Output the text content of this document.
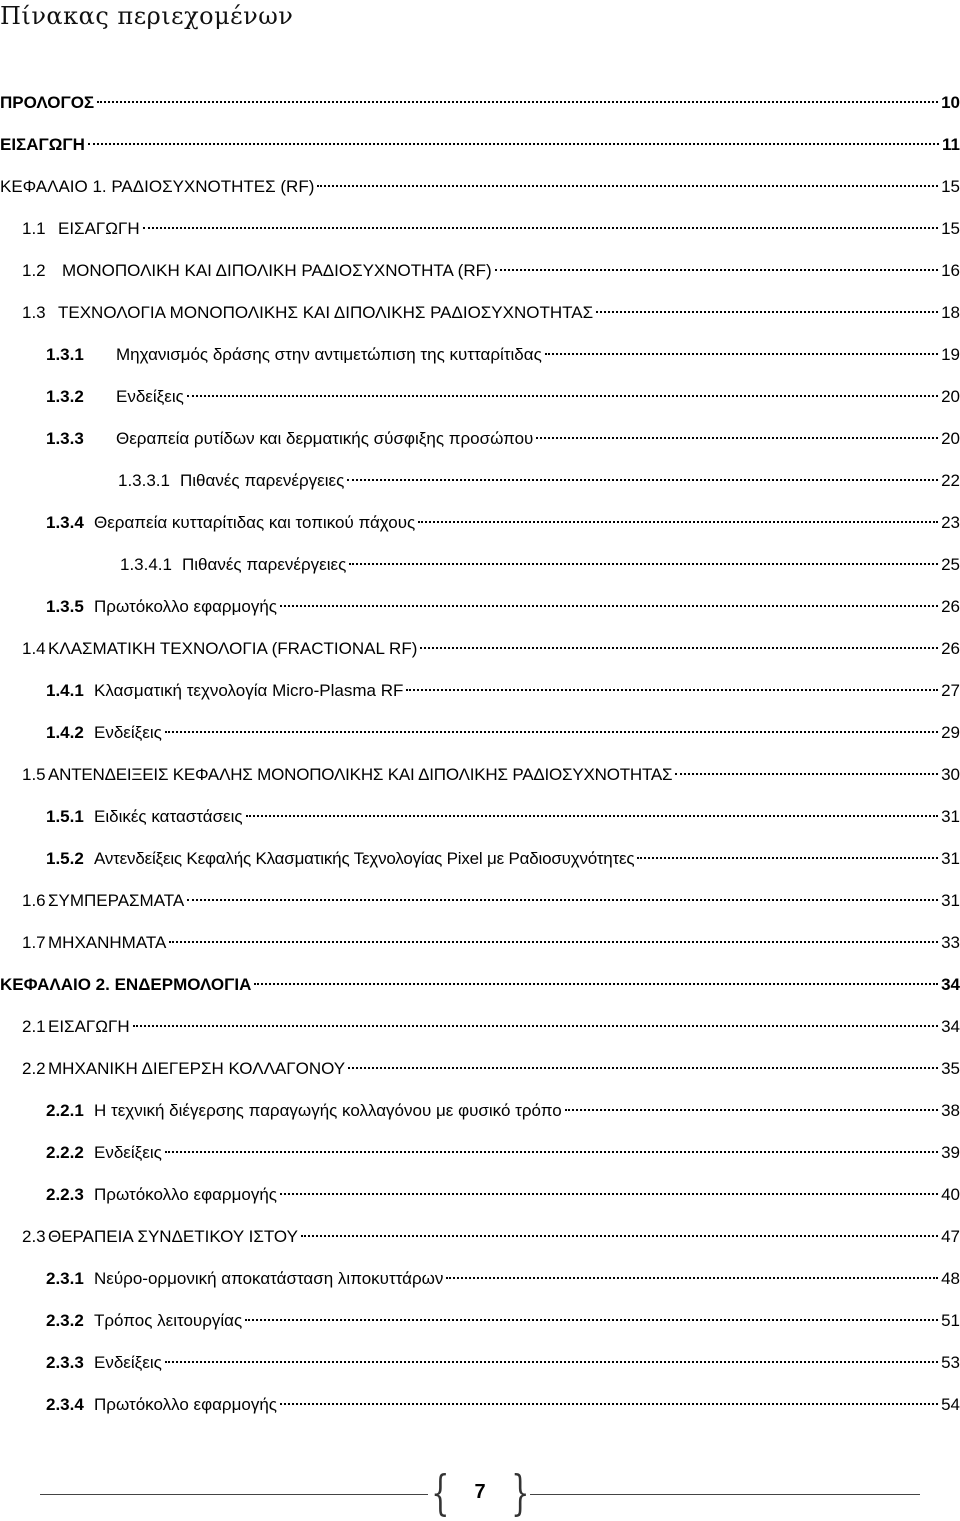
Πίνακας περιεχομένων
ΠΡΟΛΟΓΟΣ	10
ΕΙΣΑΓΩΓΗ	11
ΚΕΦΑΛΑΙΟ 1. ΡΑΔΙΟΣΥΧΝΟΤΗΤΕΣ (RF)	15
1.1 ΕΙΣΑΓΩΓΗ	15
1.2 ΜΟΝΟΠΟΛΙΚΗ ΚΑΙ ΔΙΠΟΛΙΚΗ ΡΑΔΙΟΣΥΧΝΟΤΗΤΑ (RF)	16
1.3 ΤΕΧΝΟΛΟΓΙΑ ΜΟΝΟΠΟΛΙΚΗΣ ΚΑΙ ΔΙΠΟΛΙΚΗΣ ΡΑΔΙΟΣΥΧΝΟΤΗΤΑΣ	18
1.3.1	Μηχανισμός δράσης στην αντιμετώπιση της κυτταρίτιδας	19
1.3.2	Ενδείξεις	20
1.3.3	Θεραπεία ρυτίδων και δερματικής σύσφιξης προσώπου	20
1.3.3.1 Πιθανές παρενέργειες	22
1.3.4 Θεραπεία κυτταρίτιδας και τοπικού πάχους	23
1.3.4.1 Πιθανές παρενέργειες	25
1.3.5 Πρωτόκολλο εφαρμογής	26
1.4 ΚΛΑΣΜΑΤΙΚΗ ΤΕΧΝΟΛΟΓΙΑ (FRACTIONAL RF)	26
1.4.1 Κλασματική τεχνολογία Micro-Plasma RF	27
1.4.2 Ενδείξεις	29
1.5 ΑΝΤΕΝΔΕΙΞΕΙΣ ΚΕΦΑΛΗΣ ΜΟΝΟΠΟΛΙΚΗΣ ΚΑΙ ΔΙΠΟΛΙΚΗΣ ΡΑΔΙΟΣΥΧΝΟΤΗΤΑΣ	30
1.5.1 Ειδικές καταστάσεις	31
1.5.2 Αντενδείξεις Κεφαλής Κλασματικής Τεχνολογίας Pixel με Ραδιοσυχνότητες	31
1.6 ΣΥΜΠΕΡΑΣΜΑΤΑ	31
1.7 ΜΗΧΑΝΗΜΑΤΑ	33
ΚΕΦΑΛΑΙΟ 2. ΕΝΔΕΡΜΟΛΟΓΙΑ	34
2.1 ΕΙΣΑΓΩΓΗ	34
2.2 ΜΗΧΑΝΙΚΗ ΔΙΕΓΕΡΣΗ ΚΟΛΛΑΓΟΝΟΥ	35
2.2.1 Η τεχνική διέγερσης παραγωγής κολλαγόνου με φυσικό τρόπο	38
2.2.2 Ενδείξεις	39
2.2.3 Πρωτόκολλο εφαρμογής	40
2.3 ΘΕΡΑΠΕΙΑ ΣΥΝΔΕΤΙΚΟΥ ΙΣΤΟΥ	47
2.3.1 Νεύρο-ορμονική αποκατάσταση λιποκυττάρων	48
2.3.2 Τρόπος λειτουργίας	51
2.3.3 Ενδείξεις	53
2.3.4 Πρωτόκολλο εφαρμογής	54
{	7 }
